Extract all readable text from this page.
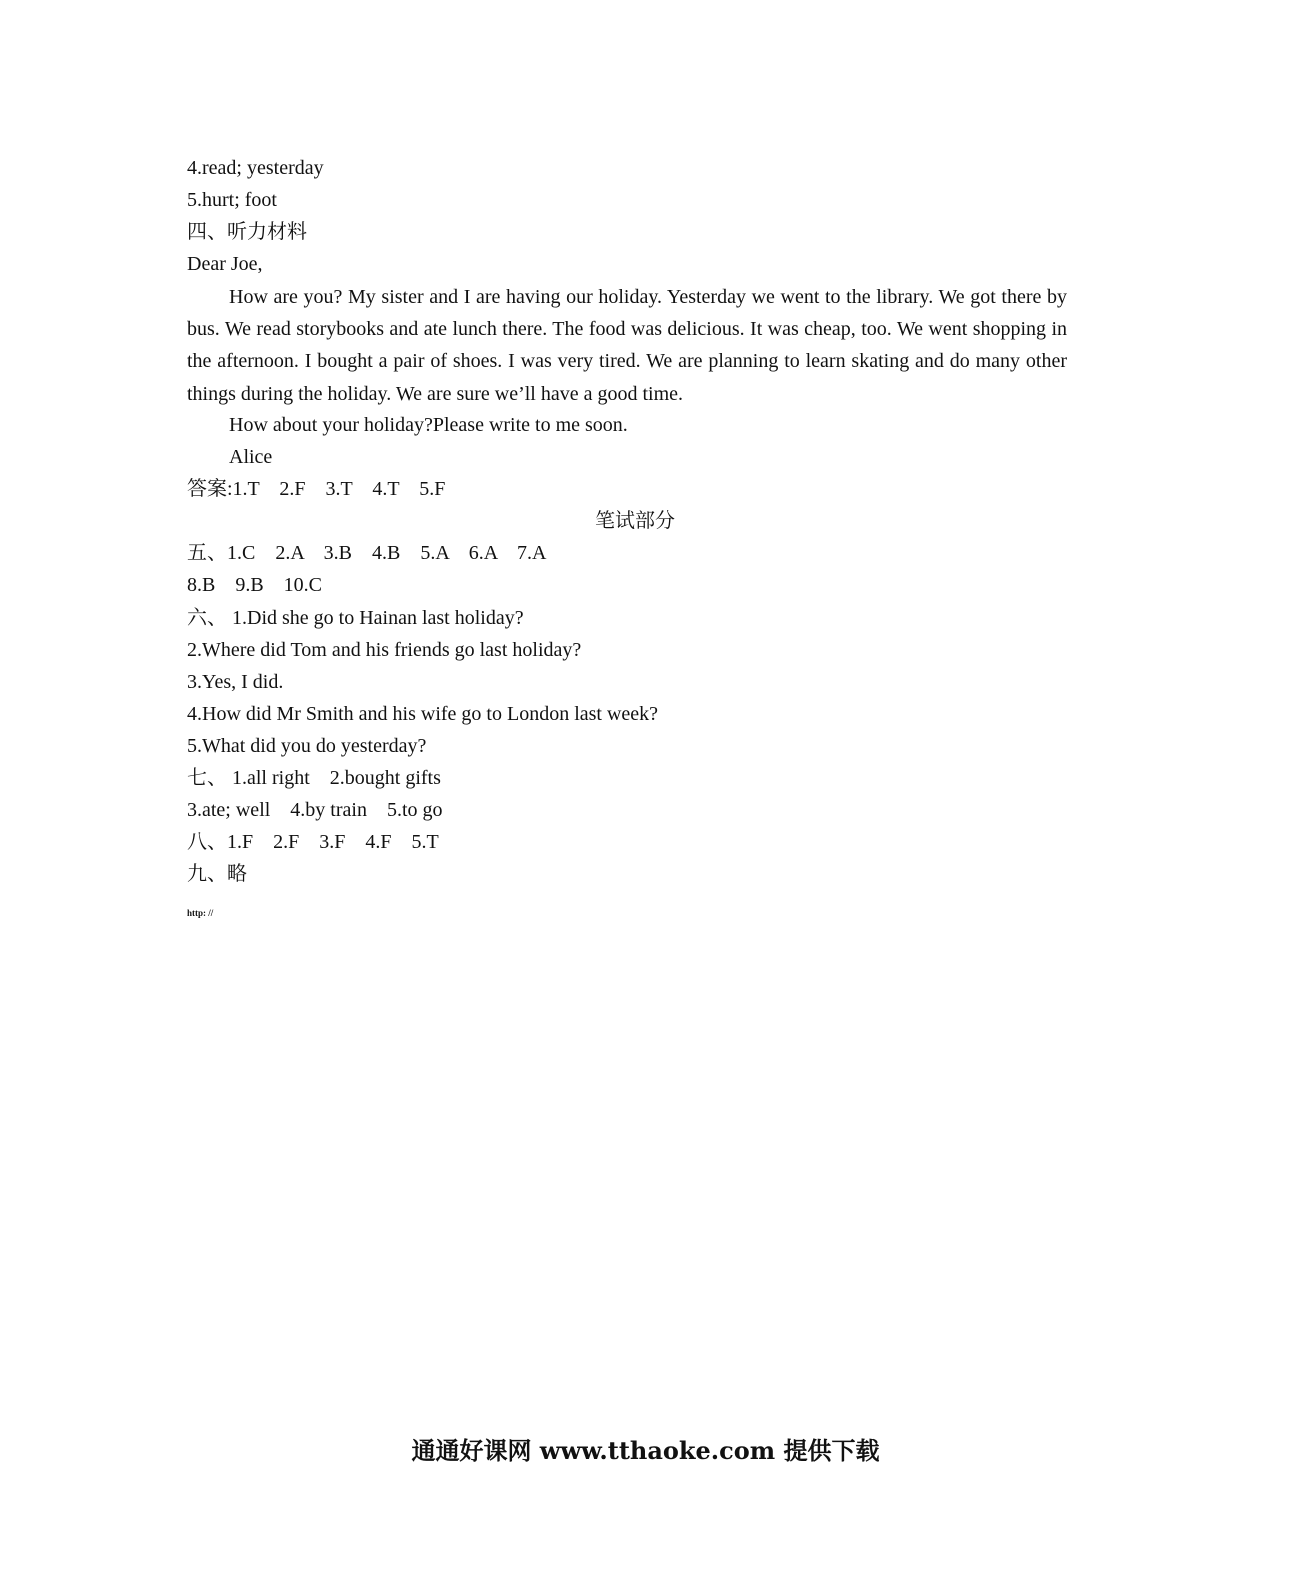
4.read; yesterday
5.hurt; foot
四、听力材料
Dear Joe,
How are you? My sister and I are having our holiday. Yesterday we went to the library. We got there by bus. We read storybooks and ate lunch there. The food was delicious. It was cheap, too. We went shopping in the afternoon. I bought a pair of shoes. I was very tired. We are planning to learn skating and do many other things during the holiday. We are sure we’ll have a good time.
How about your holiday?Please write to me soon.
Alice
答案:1.T    2.F    3.T    4.T    5.F
笔试部分
五、1.C    2.A    3.B    4.B    5.A    6.A    7.A
8.B    9.B    10.C
六、 1.Did she go to Hainan last holiday?
2.Where did Tom and his friends go last holiday?
3.Yes, I did.
4.How did Mr Smith and his wife go to London last week?
5.What did you do yesterday?
七、 1.all right    2.bought gifts
3.ate; well    4.by train    5.to go
八、1.F    2.F    3.F    4.F    5.T
九、略
http: //
通通好课网 www.tthaoke.com 提供下载
